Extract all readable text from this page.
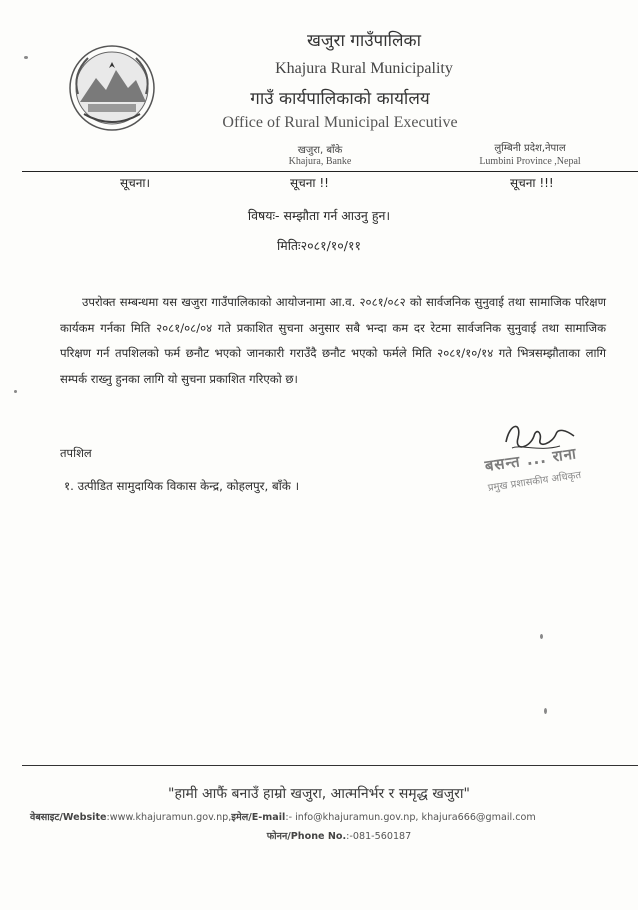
खजुरा गाउँपालिका
Khajura Rural Municipality
गाउँ कार्यपालिकाको कार्यालय
Office of Rural Municipal Executive
खजुरा, बाँके
Khajura, Banke
लुम्बिनी प्रदेश,नेपाल
Lumbini Province ,Nepal
सूचना।	सूचना !!	सूचना !!!
विषयः- सम्झौता गर्न आउनु हुन।
मितिः२०८१/१०/११
उपरोक्त सम्बन्धमा यस खजुरा गाउँपालिकाको आयोजनामा आ.व. २०८१/०८२ को सार्वजनिक सुनुवाई तथा सामाजिक परिक्षण कार्यकम गर्नका मिति २०८१/०८/०४ गते प्रकाशित सुचना अनुसार सबै भन्दा कम दर रेटमा सार्वजनिक सुनुवाई तथा सामाजिक परिक्षण गर्न तपशिलको फर्म छनौट भएको जानकारी गराउँदै छनौट भएको फर्मले मिति २०८१/१०/१४ गते भित्रसम्झौताका लागि सम्पर्क राख्नु हुनका लागि यो सुचना प्रकाशित गरिएको छ।
तपशिल
१. उत्पीडित सामुदायिक विकास केन्द्र, कोहलपुर, बाँके ।
बसन्त ... राना
प्रमुख प्रशासकीय अधिकृत
"हामी आफैं बनाउँ हाम्रो खजुरा, आत्मनिर्भर र समृद्ध खजुरा"
वेबसाइट/Website:www.khajuramun.gov.np,इमेल/E-mail:- info@khajuramun.gov.np, khajura666@gmail.com
फोनन/Phone No.:-081-560187
